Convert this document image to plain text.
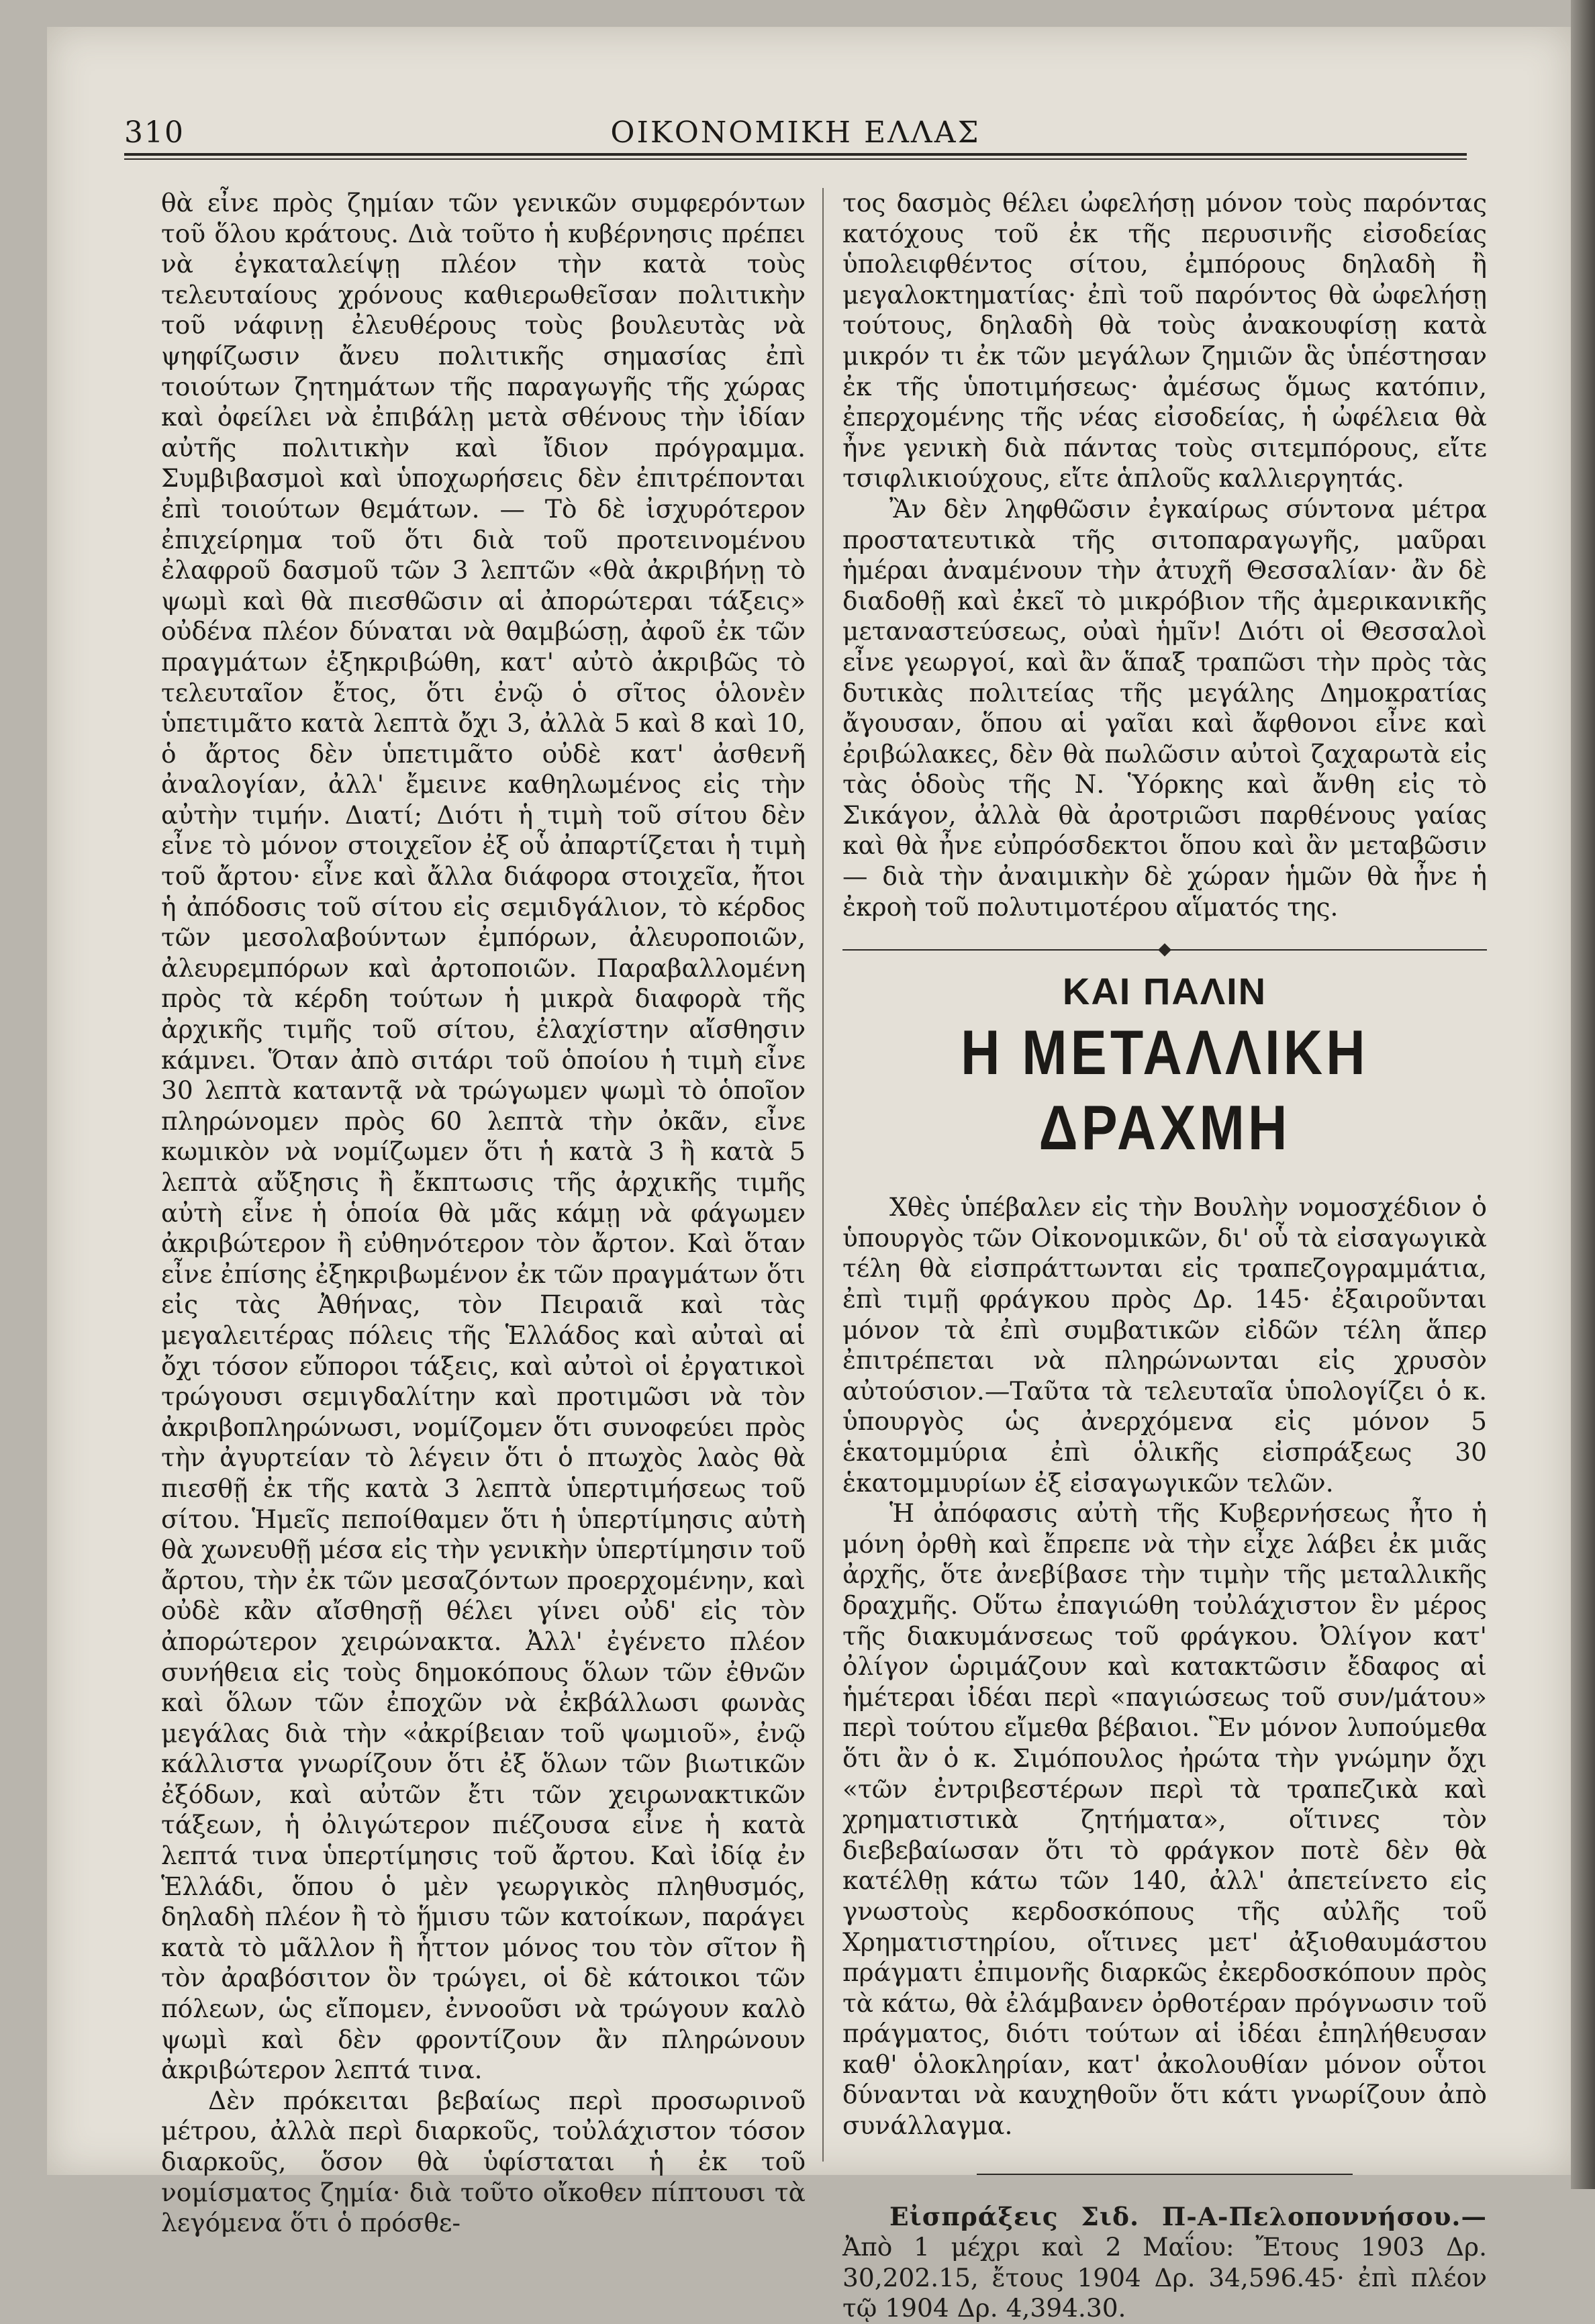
310	ΟΙΚΟΝΟΜΙΚΗ ΕΛΛΑΣ

θὰ εἶνε πρὸς ζημίαν τῶν γενικῶν συμφερόντων τοῦ ὅλου κράτους. Διὰ τοῦτο ἡ κυβέρνησις πρέπει νὰ ἐγκαταλείψῃ πλέον τὴν κατὰ τοὺς τελευταίους χρόνους καθιερωθεῖσαν πολιτικὴν τοῦ νάφινῃ ἐλευθέρους τοὺς βουλευτὰς νὰ ψηφίζωσιν ἄνευ πολιτικῆς σημασίας ἐπὶ τοιούτων ζητημάτων τῆς παραγωγῆς τῆς χώρας καὶ ὀφείλει νὰ ἐπιβάλῃ μετὰ σθένους τὴν ἰδίαν αὐτῆς πολιτικὴν καὶ ἴδιον πρόγραμμα. Συμβιβασμοὶ καὶ ὑποχωρήσεις δὲν ἐπιτρέπονται ἐπὶ τοιούτων θεμάτων. — Τὸ δὲ ἰσχυρότερον ἐπιχείρημα τοῦ ὅτι διὰ τοῦ προτεινομένου ἐλαφροῦ δασμοῦ τῶν 3 λεπτῶν «θὰ ἀκριβήνῃ τὸ ψωμὶ καὶ θὰ πιεσθῶσιν αἱ ἀπορώτεραι τάξεις» οὐδένα πλέον δύναται νὰ θαμβώσῃ, ἀφοῦ ἐκ τῶν πραγμάτων ἐξηκριβώθη, κατ' αὐτὸ ἀκριβῶς τὸ τελευταῖον ἔτος, ὅτι ἐνῷ ὁ σῖτος ὁλονὲν ὑπετιμᾶτο κατὰ λεπτὰ ὄχι 3, ἀλλὰ 5 καὶ 8 καὶ 10, ὁ ἄρτος δὲν ὑπετιμᾶτο οὐδὲ κατ' ἀσθενῆ ἀναλογίαν, ἀλλ' ἔμεινε καθηλωμένος εἰς τὴν αὐτὴν τιμήν. Διατί; Διότι ἡ τιμὴ τοῦ σίτου δὲν εἶνε τὸ μόνον στοιχεῖον ἐξ οὗ ἀπαρτίζεται ἡ τιμὴ τοῦ ἄρτου· εἶνε καὶ ἄλλα διάφορα στοιχεῖα, ἤτοι ἡ ἀπόδοσις τοῦ σίτου εἰς σεμιδγάλιον, τὸ κέρδος τῶν μεσολαβούντων ἐμπόρων, ἀλευροποιῶν, ἀλευρεμπόρων καὶ ἀρτοποιῶν. Παραβαλλομένη πρὸς τὰ κέρδη τούτων ἡ μικρὰ διαφορὰ τῆς ἀρχικῆς τιμῆς τοῦ σίτου, ἐλαχίστην αἴσθησιν κάμνει. Ὅταν ἀπὸ σιτάρι τοῦ ὁποίου ἡ τιμὴ εἶνε 30 λεπτὰ καταντᾷ νὰ τρώγωμεν ψωμὶ τὸ ὁποῖον πληρώνομεν πρὸς 60 λεπτὰ τὴν ὀκᾶν, εἶνε κωμικὸν νὰ νομίζωμεν ὅτι ἡ κατὰ 3 ἢ κατὰ 5 λεπτὰ αὔξησις ἢ ἔκπτωσις τῆς ἀρχικῆς τιμῆς αὐτὴ εἶνε ἡ ὁποία θὰ μᾶς κάμῃ νὰ φάγωμεν ἀκριβώτερον ἢ εὐθηνότερον τὸν ἄρτον. Καὶ ὅταν εἶνε ἐπίσης ἐξηκριβωμένον ἐκ τῶν πραγμάτων ὅτι εἰς τὰς Ἀθήνας, τὸν Πειραιᾶ καὶ τὰς μεγαλειτέρας πόλεις τῆς Ἑλλάδος καὶ αὐταὶ αἱ ὄχι τόσον εὔποροι τάξεις, καὶ αὐτοὶ οἱ ἐργατικοὶ τρώγουσι σεμιγδαλίτην καὶ προτιμῶσι νὰ τὸν ἀκριβοπληρώνωσι, νομίζομεν ὅτι συνοφεύει πρὸς τὴν ἀγυρτείαν τὸ λέγειν ὅτι ὁ πτωχὸς λαὸς θὰ πιεσθῇ ἐκ τῆς κατὰ 3 λεπτὰ ὑπερτιμήσεως τοῦ σίτου. Ἡμεῖς πεποίθαμεν ὅτι ἡ ὑπερτίμησις αὐτὴ θὰ χωνευθῇ μέσα εἰς τὴν γενικὴν ὑπερτίμησιν τοῦ ἄρτου, τὴν ἐκ τῶν μεσαζόντων προερχομένην, καὶ οὐδὲ κἂν αἴσθησῇ θέλει γίνει οὐδ' εἰς τὸν ἀπορώτερον χειρώνακτα. Ἀλλ' ἐγένετο πλέον συνήθεια εἰς τοὺς δημοκόπους ὅλων τῶν ἐθνῶν καὶ ὅλων τῶν ἐποχῶν νὰ ἐκβάλλωσι φωνὰς μεγάλας διὰ τὴν «ἀκρίβειαν τοῦ ψωμιοῦ», ἐνῷ κάλλιστα γνωρίζουν ὅτι ἐξ ὅλων τῶν βιωτικῶν ἐξόδων, καὶ αὐτῶν ἔτι τῶν χειρωνακτικῶν τάξεων, ἡ ὀλιγώτερον πιέζουσα εἶνε ἡ κατὰ λεπτά τινα ὑπερτίμησις τοῦ ἄρτου. Καὶ ἰδίᾳ ἐν Ἑλλάδι, ὅπου ὁ μὲν γεωργικὸς πληθυσμός, δηλαδὴ πλέον ἢ τὸ ἥμισυ τῶν κατοίκων, παράγει κατὰ τὸ μᾶλλον ἢ ἧττον μόνος του τὸν σῖτον ἢ τὸν ἀραβόσιτον ὃν τρώγει, οἱ δὲ κάτοικοι τῶν πόλεων, ὡς εἴπομεν, ἐννοοῦσι νὰ τρώγουν καλὸ ψωμὶ καὶ δὲν φροντίζουν ἂν πληρώνουν ἀκριβώτερον λεπτά τινα.

Δὲν πρόκειται βεβαίως περὶ προσωρινοῦ μέτρου, ἀλλὰ περὶ διαρκοῦς, τοὐλάχιστον τόσον διαρκοῦς, ὅσον θὰ ὑφίσταται ἡ ἐκ τοῦ νομίσματος ζημία· διὰ τοῦτο οἴκοθεν πίπτουσι τὰ λεγόμενα ὅτι ὁ πρόσθε-

τος δασμὸς θέλει ὠφελήσῃ μόνον τοὺς παρόντας κατόχους τοῦ ἐκ τῆς περυσινῆς εἰσοδείας ὑπολειφθέντος σίτου, ἐμπόρους δηλαδὴ ἢ μεγαλοκτηματίας· ἐπὶ τοῦ παρόντος θὰ ὠφελήσῃ τούτους, δηλαδὴ θὰ τοὺς ἀνακουφίσῃ κατὰ μικρόν τι ἐκ τῶν μεγάλων ζημιῶν ἃς ὑπέστησαν ἐκ τῆς ὑποτιμήσεως· ἀμέσως ὅμως κατόπιν, ἐπερχομένης τῆς νέας εἰσοδείας, ἡ ὠφέλεια θὰ ἦνε γενικὴ διὰ πάντας τοὺς σιτεμπόρους, εἴτε τσιφλικιούχους, εἴτε ἁπλοῦς καλλιεργητάς.

Ἂν δὲν ληφθῶσιν ἐγκαίρως σύντονα μέτρα προστατευτικὰ τῆς σιτοπαραγωγῆς, μαῦραι ἡμέραι ἀναμένουν τὴν ἀτυχῆ Θεσσαλίαν· ἂν δὲ διαδοθῇ καὶ ἐκεῖ τὸ μικρόβιον τῆς ἀμερικανικῆς μεταναστεύσεως, οὐαὶ ἡμῖν! Διότι οἱ Θεσσαλοὶ εἶνε γεωργοί, καὶ ἂν ἅπαξ τραπῶσι τὴν πρὸς τὰς δυτικὰς πολιτείας τῆς μεγάλης Δημοκρατίας ἄγουσαν, ὅπου αἱ γαῖαι καὶ ἄφθονοι εἶνε καὶ ἐριβώλακες, δὲν θὰ πωλῶσιν αὐτοὶ ζαχαρωτὰ εἰς τὰς ὁδοὺς τῆς Ν. Ὑόρκης καὶ ἄνθη εἰς τὸ Σικάγον, ἀλλὰ θὰ ἀροτριῶσι παρθένους γαίας καὶ θὰ ἦνε εὐπρόσδεκτοι ὅπου καὶ ἂν μεταβῶσιν— διὰ τὴν ἀναιμικὴν δὲ χώραν ἡμῶν θὰ ἦνε ἡ ἐκροὴ τοῦ πολυτιμοτέρου αἵματός της.

ΚΑΙ ΠΑΛΙΝ
Η ΜΕΤΑΛΛΙΚΗ ΔΡΑΧΜΗ

Χθὲς ὑπέβαλεν εἰς τὴν Βουλὴν νομοσχέδιον ὁ ὑπουργὸς τῶν Οἰκονομικῶν, δι' οὗ τὰ εἰσαγωγικὰ τέλη θὰ εἰσπράττωνται εἰς τραπεζογραμμάτια, ἐπὶ τιμῇ φράγκου πρὸς Δρ. 145· ἐξαιροῦνται μόνον τὰ ἐπὶ συμβατικῶν εἰδῶν τέλη ἅπερ ἐπιτρέπεται νὰ πληρώνωνται εἰς χρυσὸν αὐτούσιον.—Ταῦτα τὰ τελευταῖα ὑπολογίζει ὁ κ. ὑπουργὸς ὡς ἀνερχόμενα εἰς μόνον 5 ἑκατομμύρια ἐπὶ ὁλικῆς εἰσπράξεως 30 ἑκατομμυρίων ἐξ εἰσαγωγικῶν τελῶν.

Ἡ ἀπόφασις αὐτὴ τῆς Κυβερνήσεως ἦτο ἡ μόνη ὀρθὴ καὶ ἔπρεπε νὰ τὴν εἶχε λάβει ἐκ μιᾶς ἀρχῆς, ὅτε ἀνεβίβασε τὴν τιμὴν τῆς μεταλλικῆς δραχμῆς. Οὕτω ἐπαγιώθη τοὐλάχιστον ἓν μέρος τῆς διακυμάνσεως τοῦ φράγκου. Ὀλίγον κατ' ὀλίγον ὡριμάζουν καὶ κατακτῶσιν ἔδαφος αἱ ἡμέτεραι ἰδέαι περὶ «παγιώσεως τοῦ συν/μάτου» περὶ τούτου εἴμεθα βέβαιοι. Ἓν μόνον λυπούμεθα ὅτι ἂν ὁ κ. Σιμόπουλος ἠρώτα τὴν γνώμην ὄχι «τῶν ἐντριβεστέρων περὶ τὰ τραπεζικὰ καὶ χρηματιστικὰ ζητήματα», οἵτινες τὸν διεβεβαίωσαν ὅτι τὸ φράγκον ποτὲ δὲν θὰ κατέλθῃ κάτω τῶν 140, ἀλλ' ἀπετείνετο εἰς γνωστοὺς κερδοσκόπους τῆς αὐλῆς τοῦ Χρηματιστηρίου, οἵτινες μετ' ἀξιοθαυμάστου πράγματι ἐπιμονῆς διαρκῶς ἐκερδοσκόπουν πρὸς τὰ κάτω, θὰ ἐλάμβανεν ὀρθοτέραν πρόγνωσιν τοῦ πράγματος, διότι τούτων αἱ ἰδέαι ἐπηλήθευσαν καθ' ὁλοκληρίαν, κατ' ἀκολουθίαν μόνον οὗτοι δύνανται νὰ καυχηθοῦν ὅτι κάτι γνωρίζουν ἀπὸ συνάλλαγμα.

Εἰσπράξεις Σιδ. Π-Α-Πελοποννήσου.— Ἀπὸ 1 μέχρι καὶ 2 Μαΐου: Ἔτους 1903 Δρ. 30,202.15, ἔτους 1904 Δρ. 34,596.45· ἐπὶ πλέον τῷ 1904 Δρ. 4,394.30.
